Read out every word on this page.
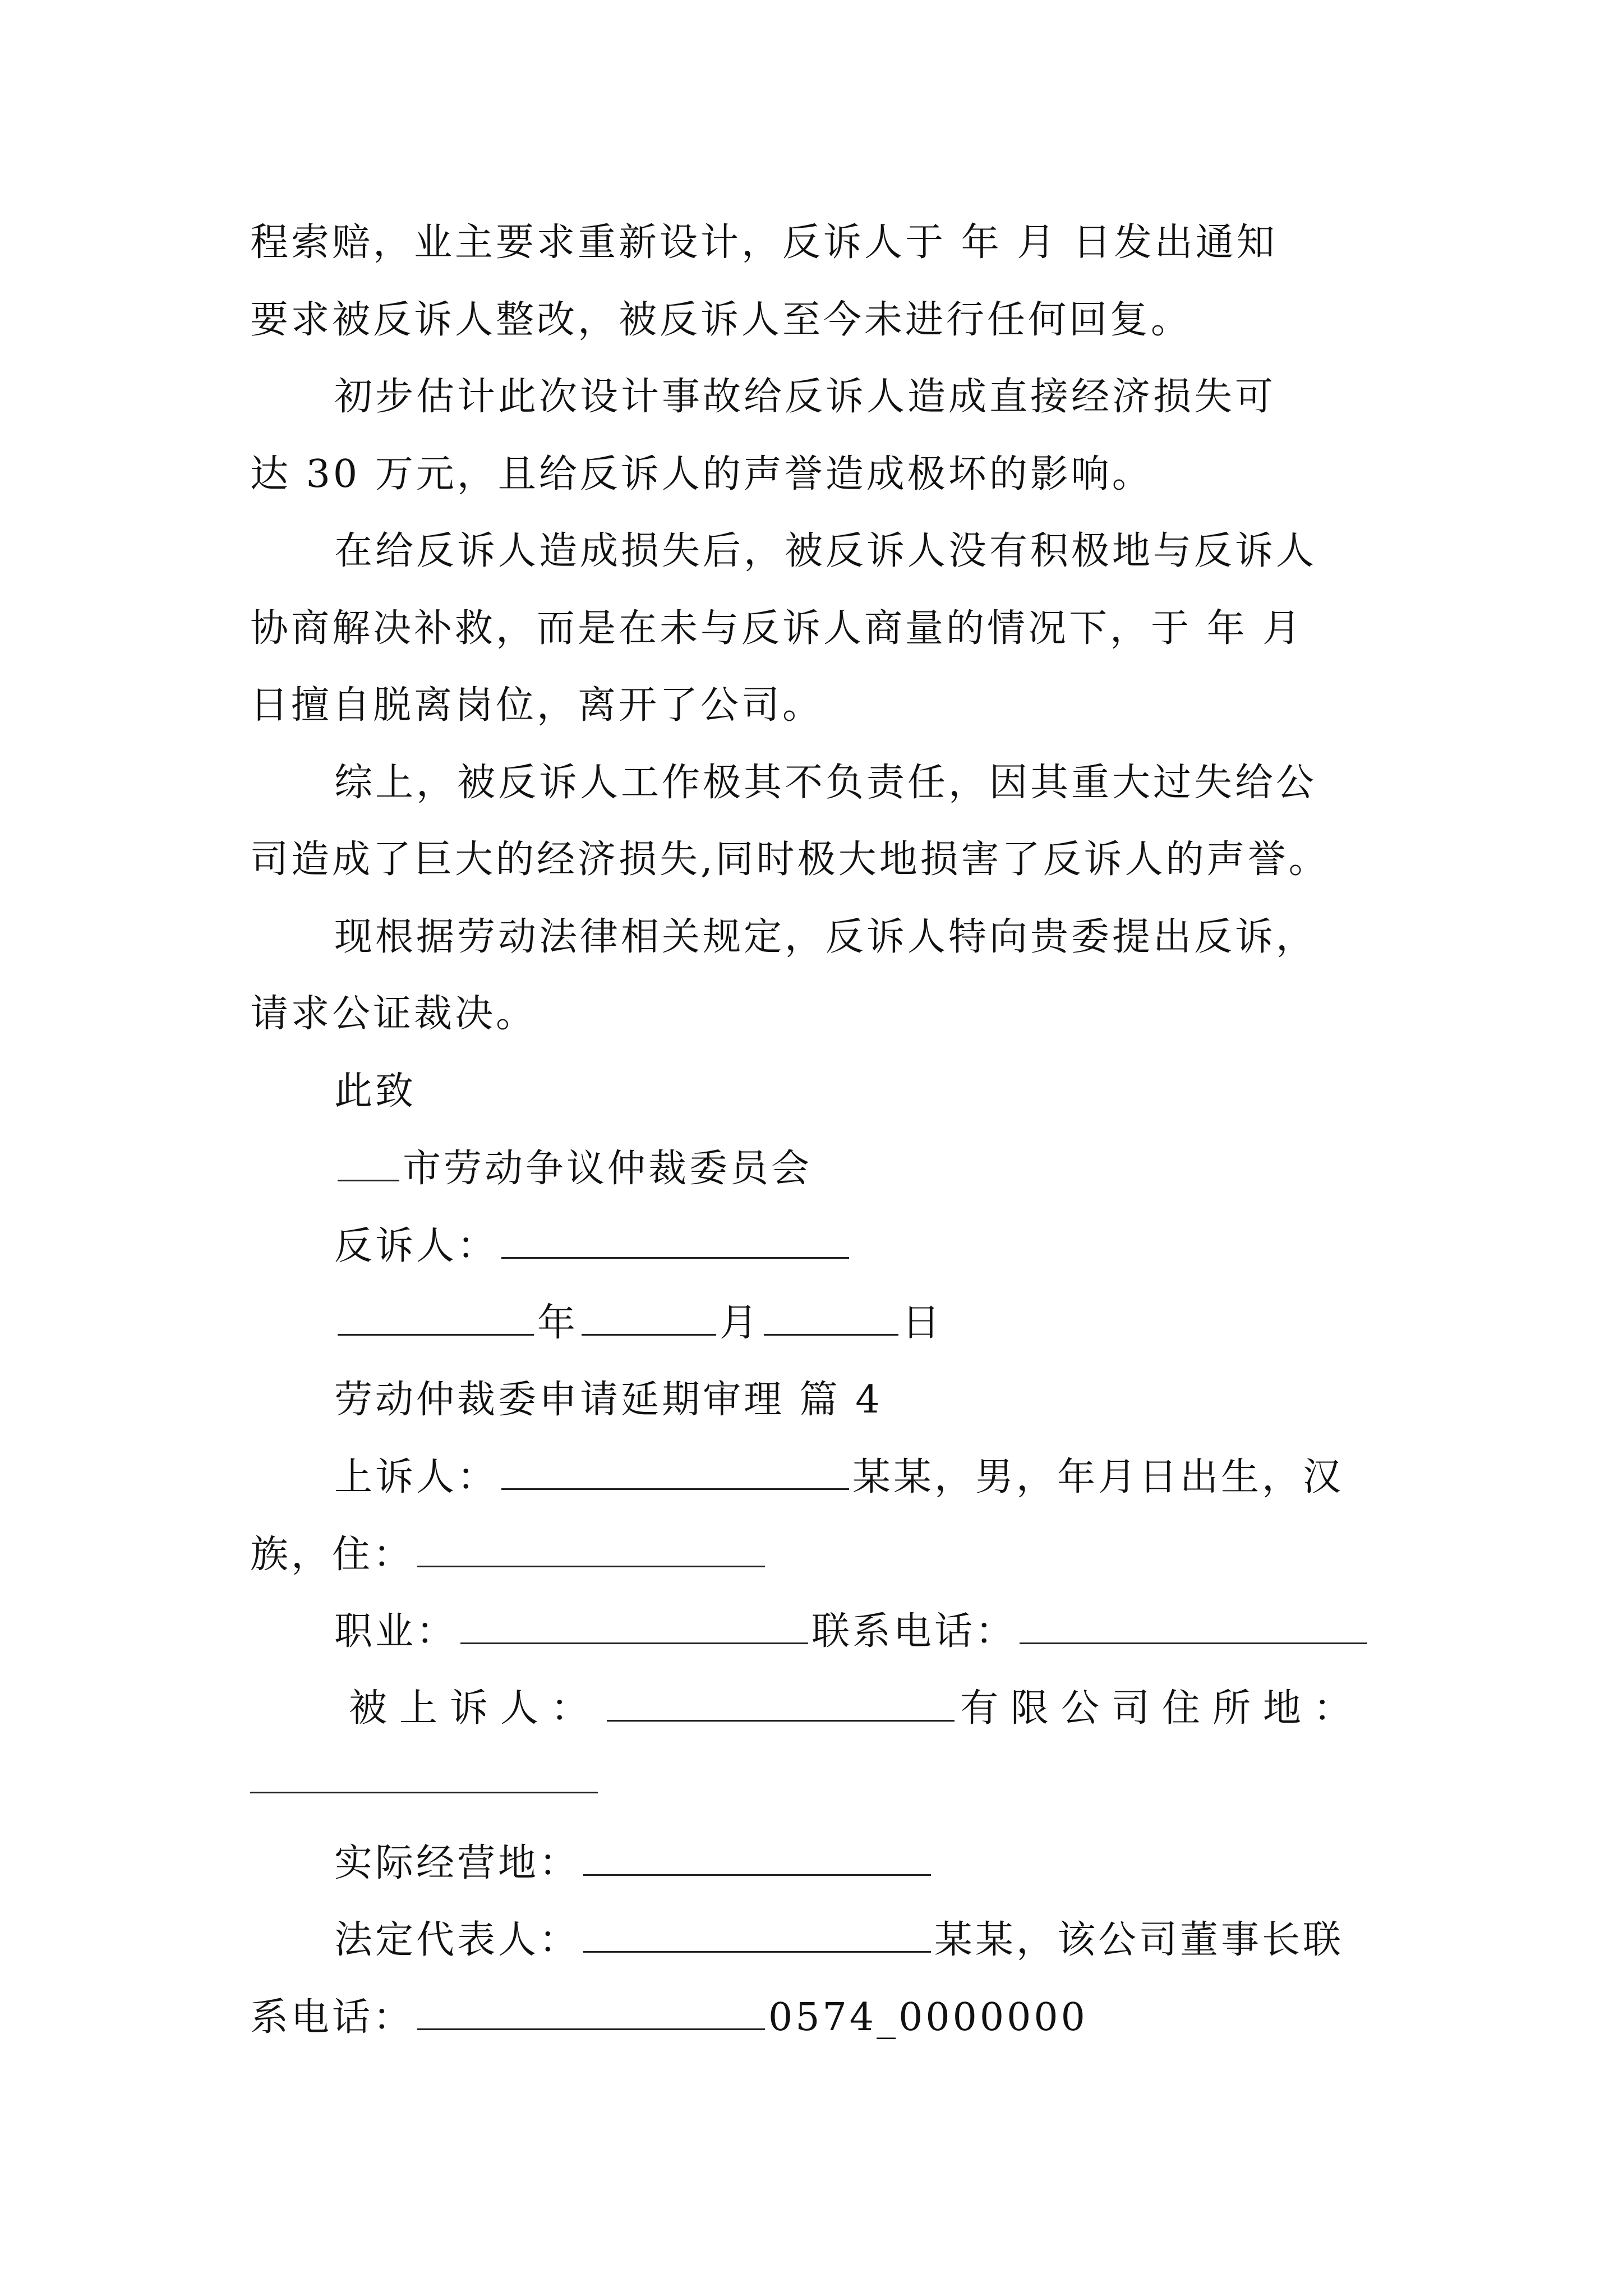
程索赔，业主要求重新设计，反诉人于 年 月 日发出通知
要求被反诉人整改，被反诉人至今未进行任何回复。
初步估计此次设计事故给反诉人造成直接经济损失可
达 30 万元，且给反诉人的声誉造成极坏的影响。
在给反诉人造成损失后，被反诉人没有积极地与反诉人
协商解决补救，而是在未与反诉人商量的情况下，于 年 月
日擅自脱离岗位，离开了公司。
综上，被反诉人工作极其不负责任，因其重大过失给公
司造成了巨大的经济损失,同时极大地损害了反诉人的声誉。
现根据劳动法律相关规定，反诉人特向贵委提出反诉，
请求公证裁决。
此致
市劳动争议仲裁委员会
反诉人：
年	月	日
劳动仲裁委申请延期审理 篇 4
上诉人：	某某，男，年月日出生，汉
族，住：
职业：	联系电话：
被上诉人：	有限公司住所地：
实际经营地：
法定代表人：	某某，该公司董事长联
系电话：	0574_0000000
